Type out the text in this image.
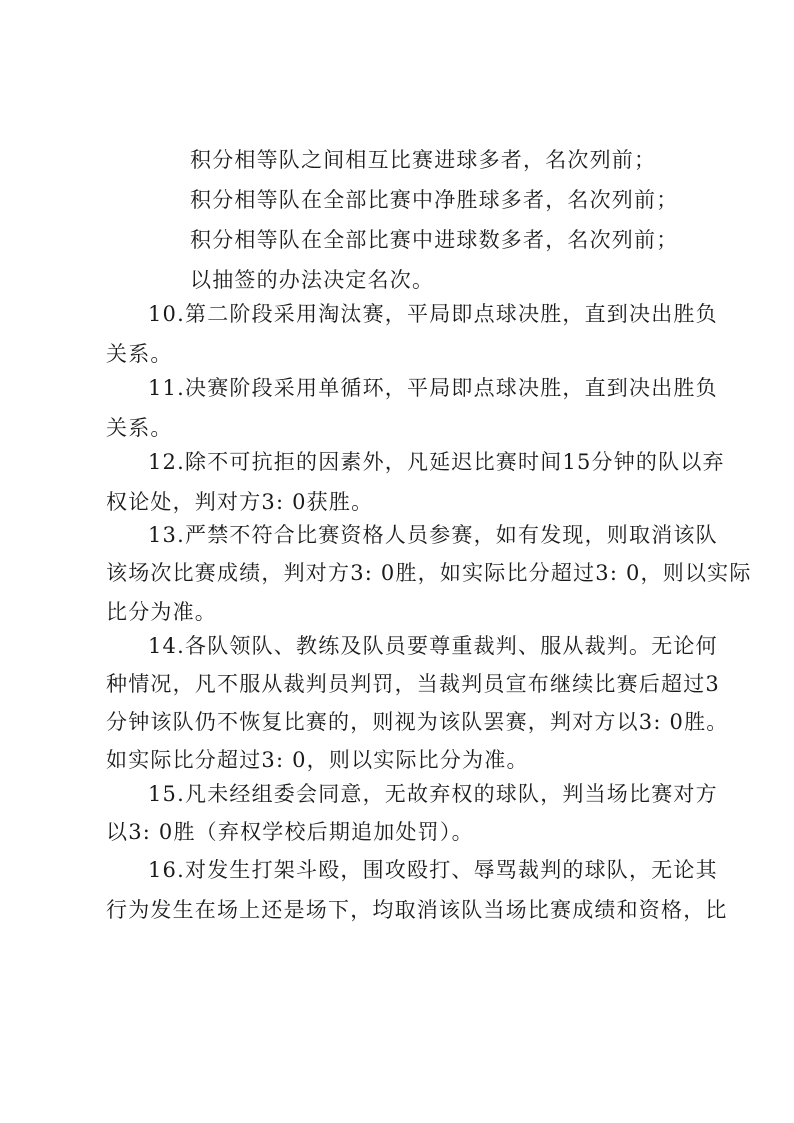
积分相等队之间相互比赛进球多者，名次列前；
积分相等队在全部比赛中净胜球多者，名次列前；
积分相等队在全部比赛中进球数多者，名次列前；
以抽签的办法决定名次。
10.第二阶段采用淘汰赛，平局即点球决胜，直到决出胜负
关系。
11.决赛阶段采用单循环，平局即点球决胜，直到决出胜负
关系。
12.除不可抗拒的因素外，凡延迟比赛时间15分钟的队以弃
权论处，判对方3: 0获胜。
13.严禁不符合比赛资格人员参赛，如有发现，则取消该队
该场次比赛成绩，判对方3: 0胜，如实际比分超过3: 0，则以实际
比分为准。
14.各队领队、教练及队员要尊重裁判、服从裁判。无论何
种情况，凡不服从裁判员判罚，当裁判员宣布继续比赛后超过3
分钟该队仍不恢复比赛的，则视为该队罢赛，判对方以3: 0胜。
如实际比分超过3: 0，则以实际比分为准。
15.凡未经组委会同意，无故弃权的球队，判当场比赛对方
以3: 0胜（弃权学校后期追加处罚）。
16.对发生打架斗殴，围攻殴打、辱骂裁判的球队，无论其
行为发生在场上还是场下，均取消该队当场比赛成绩和资格，比
